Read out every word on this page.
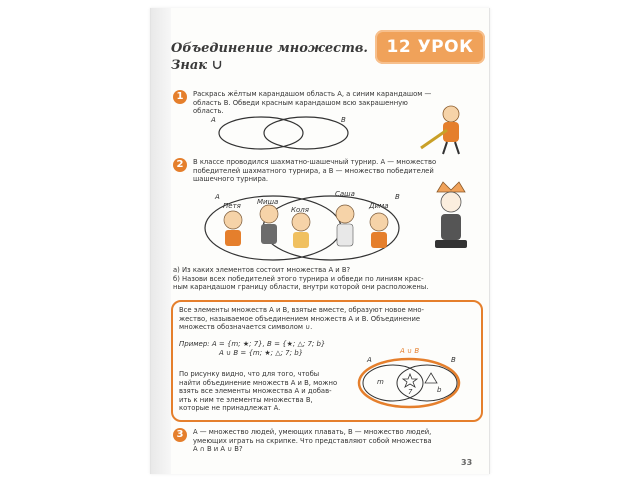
Объединение множеств.
Знак ∪
12 УРОК
1	Раскрась жёлтым карандашом область A, а синим карандашом —
область B. Обведи красным карандашом всю закрашенную область.
A	B
2	В классе проводился шахматно-шашечный турнир. A — множество
победителей шахматного турнира, а B — множество победителей
шашечного турнира.
A	B
Петя Миша
Коля
Саша
Дима
а) Из каких элементов состоит множества A и B?
б) Назови всех победителей этого турнира и обведи по линиям крас-
ным карандашом границу области, внутри которой они расположены.
Все элементы множеств A и B, взятые вместе, образуют новое мно-
жество, называемое объединением множеств A и B. Объединение
множеств обозначается символом ∪.
Пример: A = {m; ★; 7}, B = {★; △; 7; b}
A ∪ B = {m; ★; △; 7; b}
По рисунку видно, что для того, чтобы
найти объединение множеств A и B, можно
взять все элементы множества A и добав-
ить к ним те элементы множества B,
которые не принадлежат A.
A ∪ B
A	B
m
7	b
3	A — множество людей, умеющих плавать, B — множество людей,
умеющих играть на скрипке. Что представляют собой множества
A ∩ B и A ∪ B?
33
